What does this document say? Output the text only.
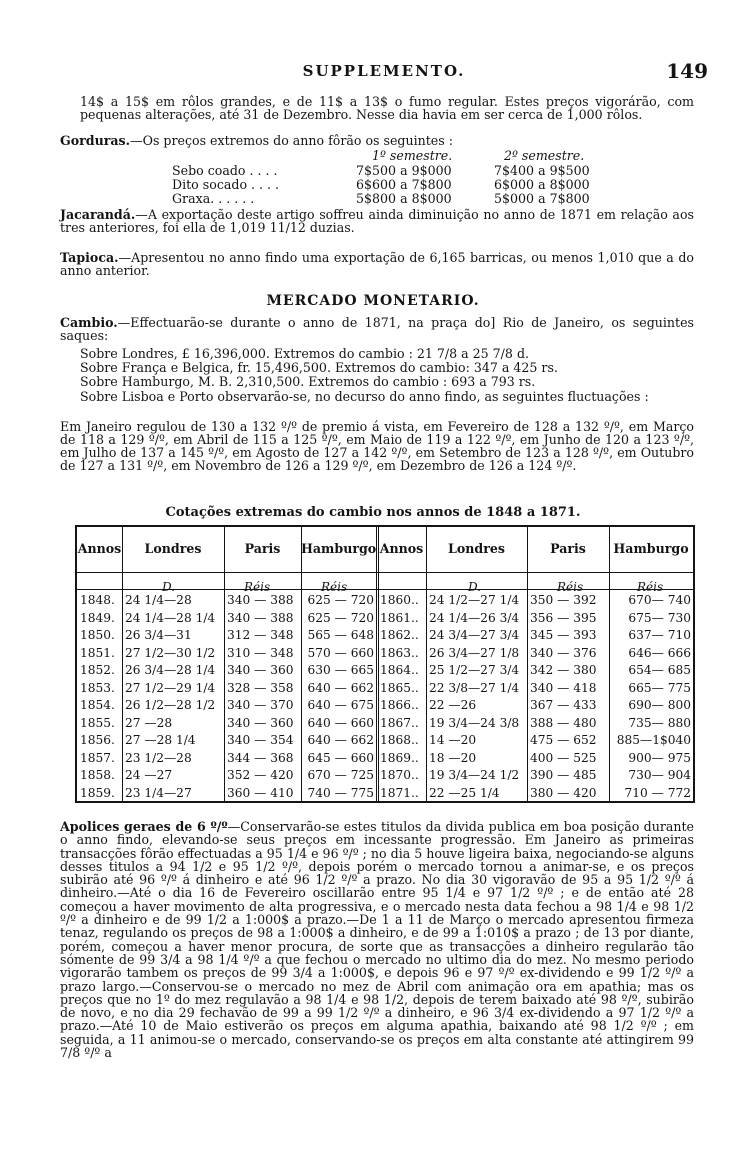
SUPPLEMENTO.	149
14$ a 15$ em rôlos grandes, e de 11$ a 13$ o fumo regular. Estes preços vigorárão, com pequenas alterações, até 31 de Dezembro. Nesse dia havia em ser cerca de 1,000 rôlos.
Gorduras.—Os preços extremos do anno fôrão os seguintes :
1º semestre.	2º semestre.
Sebo coado . . . .	7$500 a 9$000	7$400 a 9$500
Dito socado . . . .	6$600 a 7$800	6$000 a 8$000
Graxa. . . . . .	5$800 a 8$000	5$000 a 7$800
Jacarandá.—A exportação deste artigo soffreu ainda diminuição no anno de 1871 em relação aos tres anteriores, foi ella de 1,019 11/12 duzias.
Tapioca.—Apresentou no anno findo uma exportação de 6,165 barricas, ou menos 1,010 que a do anno anterior.
MERCADO MONETARIO.
Cambio.—Effectuarão-se durante o anno de 1871, na praça do] Rio de Janeiro, os seguintes saques:
Sobre Londres, £ 16,396,000. Extremos do cambio : 21 7/8 a 25 7/8 d.
Sobre França e Belgica, fr. 15,496,500. Extremos do cambio: 347 a 425 rs.
Sobre Hamburgo, M. B. 2,310,500. Extremos do cambio : 693 a 793 rs.
Sobre Lisboa e Porto observarão-se, no decurso do anno findo, as seguintes fluctuações :
Em Janeiro regulou de 130 a 132 º/º de premio á vista, em Fevereiro de 128 a 132 º/º, em Março de 118 a 129 º/º, em Abril de 115 a 125 º/º, em Maio de 119 a 122 º/º, em Junho de 120 a 123 º/º, em Julho de 137 a 145 º/º, em Agosto de 127 a 142 º/º, em Setembro de 123 a 128 º/º, em Outubro de 127 a 131 º/º, em Novembro de 126 a 129 º/º, em Dezembro de 126 a 124 º/º.
Cotações extremas do cambio nos annos de 1848 a 1871.
Annos	Londres	Paris	Hamburgo Annos	Londres	Paris	Hamburgo
D.	Réis	Réis	D.	Réis	Réis
1848. 24 1/4—28	340 — 388	625 — 720 1860.. 24 1/2—27 1/4 350 — 392	670— 740
1849. 24 1/4—28 1/4 340 — 388	625 — 720 1861.. 24 1/4—26 3/4 356 — 395	675— 730
1850. 26 3/4—31	312 — 348	565 — 648 1862.. 24 3/4—27 3/4 345 — 393	637— 710
1851. 27 1/2—30 1/2 310 — 348	570 — 660 1863.. 26 3/4—27 1/8 340 — 376	646— 666
1852. 26 3/4—28 1/4 340 — 360	630 — 665 1864.. 25 1/2—27 3/4 342 — 380	654— 685
1853. 27 1/2—29 1/4 328 — 358	640 — 662 1865.. 22 3/8—27 1/4 340 — 418	665— 775
1854. 26 1/2—28 1/2 340 — 370	640 — 675 1866.. 22 —26	367 — 433	690— 800
1855. 27 —28	340 — 360	640 — 660 1867.. 19 3/4—24 3/8 388 — 480	735— 880
1856. 27 —28 1/4	340 — 354	640 — 662 1868.. 14 —20	475 — 652	885—1$040
1857. 23 1/2—28	344 — 368	645 — 660 1869.. 18 —20	400 — 525	900— 975
1858. 24 —27	352 — 420	670 — 725 1870.. 19 3/4—24 1/2 390 — 485	730— 904
1859. 23 1/4—27	360 — 410	740 — 775 1871.. 22 —25 1/4	380 — 420	710 — 772
Apolices geraes de 6 º/º—Conservarão-se estes titulos da divida publica em boa posição durante o anno findo, elevando-se seus preços em incessante progressão. Em Janeiro as primeiras transacções fôrão effectuadas a 95 1/4 e 96 º/º ; no dia 5 houve ligeira baixa, negociando-se alguns desses titulos a 94 1/2 e 95 1/2 º/º, depois porém o mercado tornou a animar-se, e os preços subirão até 96 º/º á dinheiro e até 96 1/2 º/º a prazo. No dia 30 vigoravão de 95 a 95 1/2 º/º á dinheiro.—Até o dia 16 de Fevereiro oscillarão entre 95 1/4 e 97 1/2 º/º ; e de então até 28 começou a haver movimento de alta progressiva, e o mercado nesta data fechou a 98 1/4 e 98 1/2 º/º a dinheiro e de 99 1/2 a 1:000$ a prazo.—De 1 a 11 de Março o mercado apresentou firmeza tenaz, regulando os preços de 98 a 1:000$ a dinheiro, e de 99 a 1:010$ a prazo ; de 13 por diante, porém, começou a haver menor procura, de sorte que as transacções a dinheiro regularão tão sómente de 99 3/4 a 98 1/4 º/º a que fechou o mercado no ultimo dia do mez. No mesmo periodo vigorarão tambem os preços de 99 3/4 a 1:000$, e depois 96 e 97 º/º ex-dividendo e 99 1/2 º/º a prazo largo.—Conservou-se o mercado no mez de Abril com animação ora em apathia; mas os preços que no 1º do mez regulavão a 98 1/4 e 98 1/2, depois de terem baixado até 98 º/º, subirão de novo, e no dia 29 fechavão de 99 a 99 1/2 º/º a dinheiro, e 96 3/4 ex-dividendo a 97 1/2 º/º a prazo.—Até 10 de Maio estiverão os preços em alguma apathia, baixando até 98 1/2 º/º ; em seguida, a 11 animou-se o mercado, conservando-se os preços em alta constante até attingirem 99 7/8 º/º a
